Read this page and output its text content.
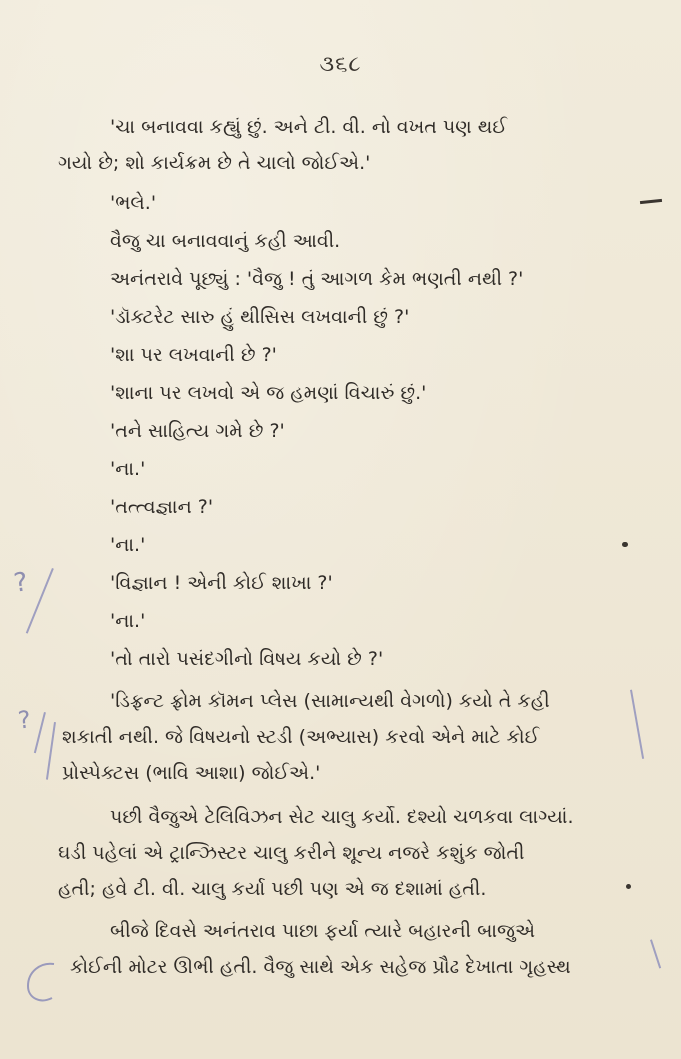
૩૬૮
'ચા બનાવવા કહ્યું છું. અને ટી. વી. નો વખત પણ થઈ
ગયો છે; શો કાર્યક્રમ છે તે ચાલો જોઈએ.'
'ભલે.'
વૈજુ ચા બનાવવાનું કહી આવી.
અનંતરાવે પૂછ્યું : 'વૈજુ ! તું આગળ કેમ ભણતી નથી ?'
'ડૉક્ટરેટ સારુ હું થીસિસ લખવાની છું ?'
'શા પર લખવાની છે ?'
'શાના પર લખવો એ જ હમણાં વિચારું છું.'
'તને સાહિત્ય ગમે છે ?'
'ના.'
'તત્ત્વજ્ઞાન ?'
'ના.'
'વિજ્ઞાન ! એની કોઈ શાખા ?'
'ના.'
'તો તારો પસંદગીનો વિષય કયો છે ?'
'ડિફ્રન્ટ ફ્રોમ કૉમન પ્લેસ (સામાન્યથી વેગળો) કયો તે કહી
શકાતી નથી. જે વિષયનો સ્ટડી (અભ્યાસ) કરવો એને માટે કોઈ
પ્રોસ્પેક્ટસ (ભાવિ આશા) જોઈએ.'
પછી વૈજુએ ટેલિવિઝન સેટ ચાલુ કર્યો. દશ્યો ચળકવા લાગ્યાં.
ઘડી પહેલાં એ ટ્રાન્ઝિસ્ટર ચાલુ કરીને શૂન્ય નજરે કશુંક જોતી
હતી; હવે ટી. વી. ચાલુ કર્યા પછી પણ એ જ દશામાં હતી.
બીજે દિવસે અનંતરાવ પાછા ફર્યા ત્યારે બહારની બાજુએ
કોઈની મોટર ઊભી હતી. વૈજુ સાથે એક સહેજ પ્રૌઢ દેખાતા ગૃહસ્થ
?
?
